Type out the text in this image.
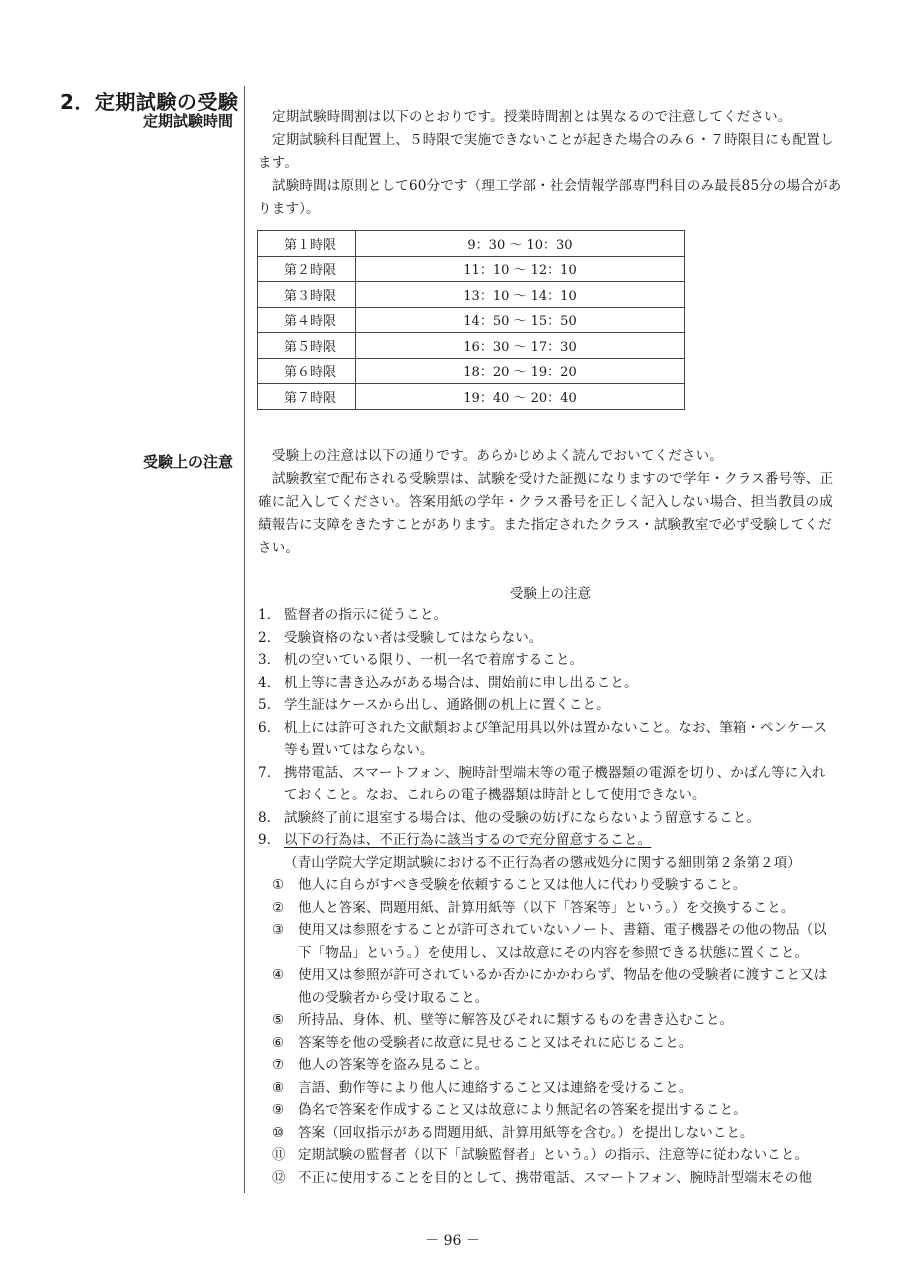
2．定期試験の受験
定期試験時間
受験上の注意

定期試験時間割は以下のとおりです。授業時間割とは異なるので注意してください。

定期試験科目配置上、５時限で実施できないことが起きた場合のみ６・７時限目にも配置します。

試験時間は原則として60分です（理工学部・社会情報学部専門科目のみ最長85分の場合があります）。

第１時限	9：30 〜 10：30
第２時限	11：10 〜 12：10
第３時限	13：10 〜 14：10
第４時限	14：50 〜 15：50
第５時限	16：30 〜 17：30
第６時限	18：20 〜 19：20
第７時限	19：40 〜 20：40

受験上の注意は以下の通りです。あらかじめよく読んでおいてください。

試験教室で配布される受験票は、試験を受けた証拠になりますので学年・クラス番号等、正確に記入してください。答案用紙の学年・クラス番号を正しく記入しない場合、担当教員の成績報告に支障をきたすことがあります。また指定されたクラス・試験教室で必ず受験してください。

受験上の注意
1． 監督者の指示に従うこと。
2． 受験資格のない者は受験してはならない。
3． 机の空いている限り、一机一名で着席すること。
4． 机上等に書き込みがある場合は、開始前に申し出ること。
5． 学生証はケースから出し、通路側の机上に置くこと。
6． 机上には許可された文献類および筆記用具以外は置かないこと。なお、筆箱・ペンケース等も置いてはならない。
7． 携帯電話、スマートフォン、腕時計型端末等の電子機器類の電源を切り、かばん等に入れておくこと。なお、これらの電子機器類は時計として使用できない。
8． 試験終了前に退室する場合は、他の受験の妨げにならないよう留意すること。
9． 以下の行為は、不正行為に該当するので充分留意すること。
（青山学院大学定期試験における不正行為者の懲戒処分に関する細則第２条第２項）
①	他人に自らがすべき受験を依頼すること又は他人に代わり受験すること。
②	他人と答案、問題用紙、計算用紙等（以下「答案等」という。）を交換すること。
③	使用又は参照をすることが許可されていないノート、書籍、電子機器その他の物品（以下「物品」という。）を使用し、又は故意にその内容を参照できる状態に置くこと。
④	使用又は参照が許可されているか否かにかかわらず、物品を他の受験者に渡すこと又は他の受験者から受け取ること。
⑤	所持品、身体、机、壁等に解答及びそれに類するものを書き込むこと。
⑥	答案等を他の受験者に故意に見せること又はそれに応じること。
⑦	他人の答案等を盗み見ること。
⑧	言語、動作等により他人に連絡すること又は連絡を受けること。
⑨	偽名で答案を作成すること又は故意により無記名の答案を提出すること。
⑩	答案（回収指示がある問題用紙、計算用紙等を含む。）を提出しないこと。
⑪ 定期試験の監督者（以下「試験監督者」という。）の指示、注意等に従わないこと。
⑫ 不正に使用することを目的として、携帯電話、スマートフォン、腕時計型端末その他
－ 96 －
